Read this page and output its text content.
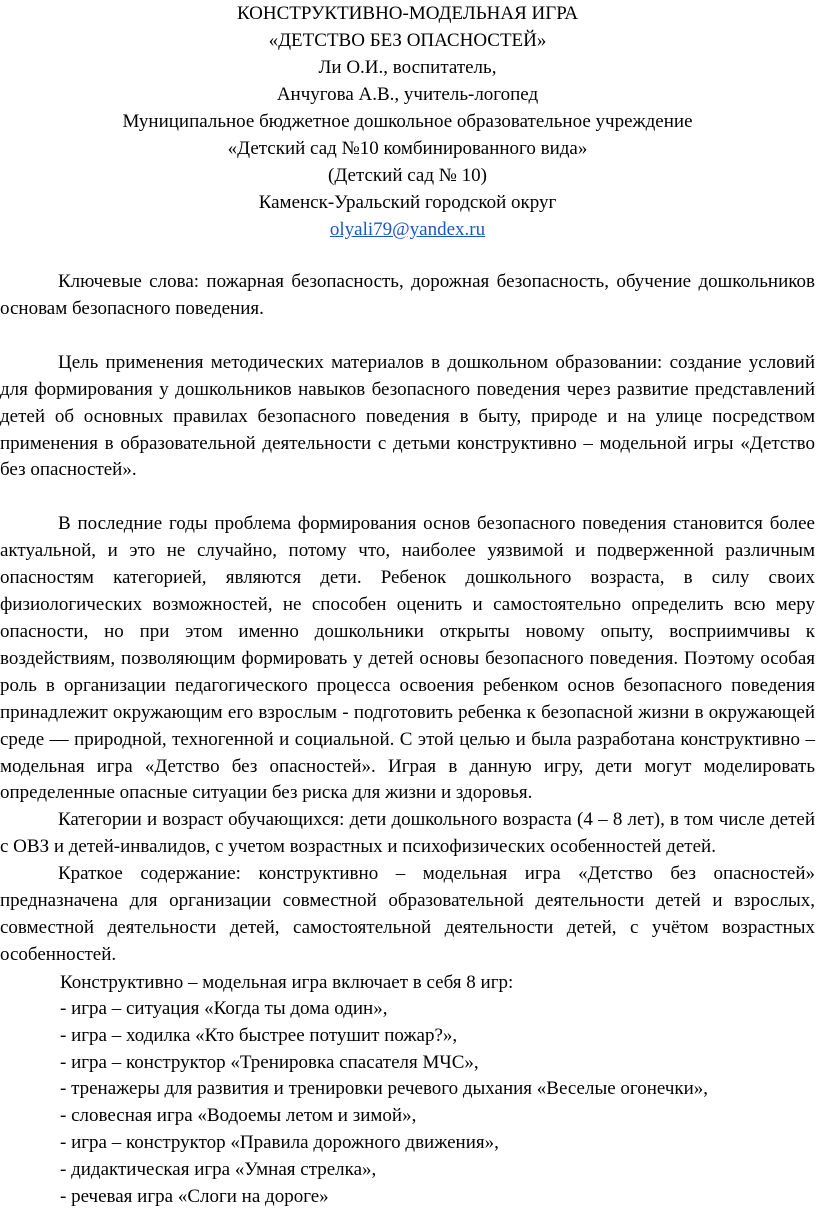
КОНСТРУКТИВНО-МОДЕЛЬНАЯ ИГРА
«ДЕТСТВО БЕЗ ОПАСНОСТЕЙ»
Ли О.И., воспитатель,
Анчугова А.В., учитель-логопед
Муниципальное бюджетное дошкольное образовательное учреждение
«Детский сад №10 комбинированного вида»
(Детский сад № 10)
Каменск-Уральский городской округ
olyali79@yandex.ru

Ключевые слова: пожарная безопасность, дорожная безопасность, обучение дошкольников основам безопасного поведения.

Цель применения методических материалов в дошкольном образовании: создание условий для формирования у дошкольников навыков безопасного поведения через развитие представлений детей об основных правилах безопасного поведения в быту, природе и на улице посредством применения в образовательной деятельности с детьми конструктивно – модельной игры «Детство без опасностей».

В последние годы проблема формирования основ безопасного поведения становится более актуальной, и это не случайно, потому что, наиболее уязвимой и подверженной различным опасностям категорией, являются дети. Ребенок дошкольного возраста, в силу своих физиологических возможностей, не способен оценить и самостоятельно определить всю меру опасности, но при этом именно дошкольники открыты новому опыту, восприимчивы к воздействиям, позволяющим формировать у детей основы безопасного поведения. Поэтому особая роль в организации педагогического процесса освоения ребенком основ безопасного поведения принадлежит окружающим его взрослым - подготовить ребенка к безопасной жизни в окружающей среде — природной, техногенной и социальной. С этой целью и была разработана конструктивно – модельная игра «Детство без опасностей». Играя в данную игру, дети могут моделировать определенные опасные ситуации без риска для жизни и здоровья.

Категории и возраст обучающихся: дети дошкольного возраста (4 – 8 лет), в том числе детей с ОВЗ и детей-инвалидов, с учетом возрастных и психофизических особенностей детей.

Краткое содержание: конструктивно – модельная игра «Детство без опасностей» предназначена для организации совместной образовательной деятельности детей и взрослых, совместной деятельности детей, самостоятельной деятельности детей, с учётом возрастных особенностей.

Конструктивно – модельная игра включает в себя 8 игр:
- игра – ситуация «Когда ты дома один»,
- игра – ходилка «Кто быстрее потушит пожар?»,
- игра – конструктор «Тренировка спасателя МЧС»,
- тренажеры для развития и тренировки речевого дыхания «Веселые огонечки»,
- словесная игра «Водоемы летом и зимой»,
- игра – конструктор «Правила дорожного движения»,
- дидактическая игра «Умная стрелка»,
- речевая игра «Слоги на дороге»
